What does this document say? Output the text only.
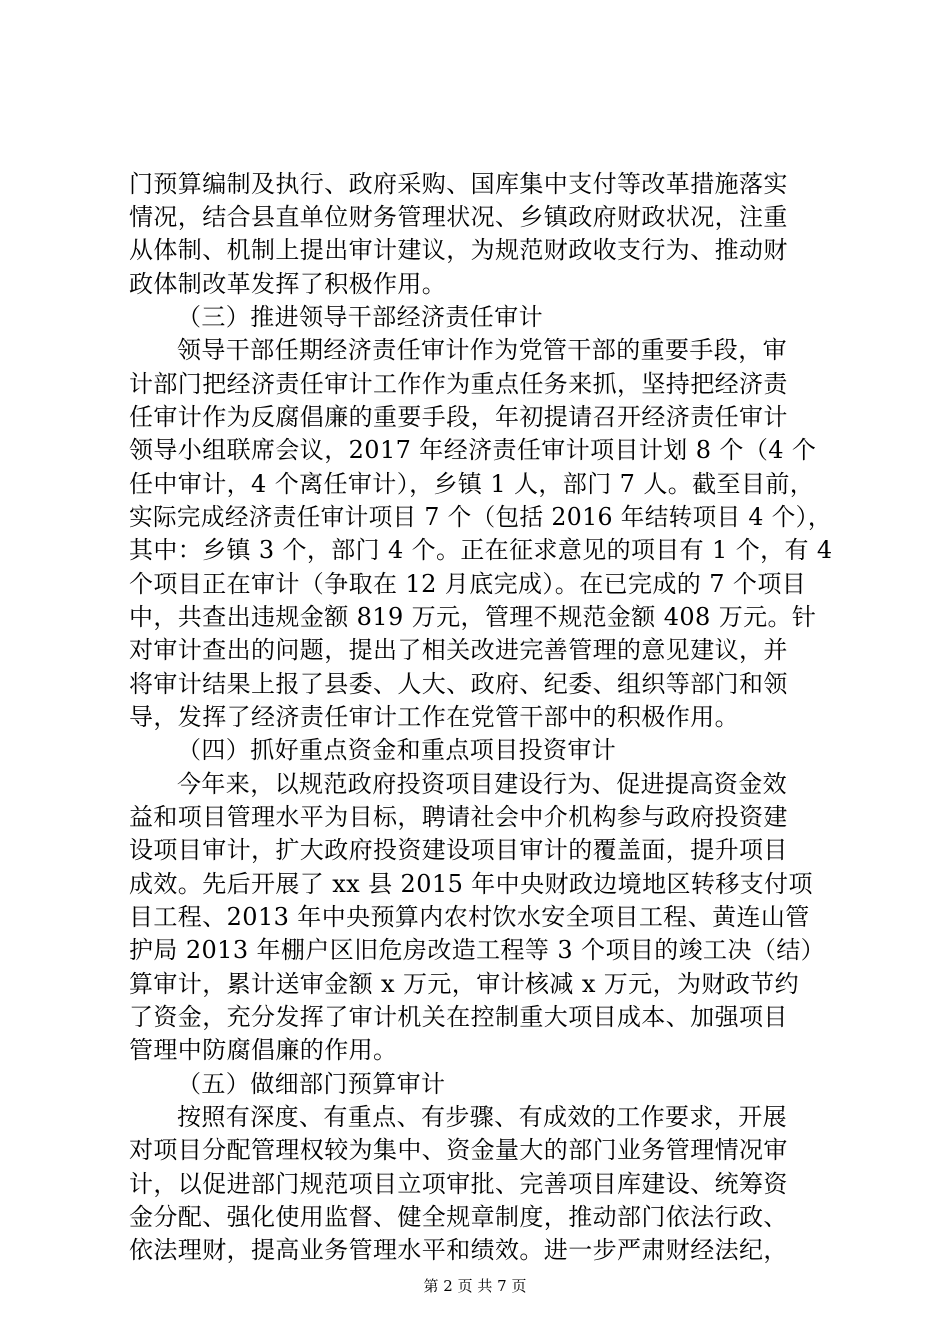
门预算编制及执行、政府采购、国库集中支付等改革措施落实
情况，结合县直单位财务管理状况、乡镇政府财政状况，注重
从体制、机制上提出审计建议，为规范财政收支行为、推动财
政体制改革发挥了积极作用。
（三）推进领导干部经济责任审计
领导干部任期经济责任审计作为党管干部的重要手段，审
计部门把经济责任审计工作作为重点任务来抓，坚持把经济责
任审计作为反腐倡廉的重要手段，年初提请召开经济责任审计
领导小组联席会议，2017 年经济责任审计项目计划 8 个（4 个
任中审计，4 个离任审计），乡镇 1 人，部门 7 人。截至目前，
实际完成经济责任审计项目 7 个（包括 2016 年结转项目 4 个），
其中：乡镇 3 个，部门 4 个。正在征求意见的项目有 1 个，有 4
个项目正在审计（争取在 12 月底完成）。在已完成的 7 个项目
中，共查出违规金额 819 万元，管理不规范金额 408 万元。针
对审计查出的问题，提出了相关改进完善管理的意见建议，并
将审计结果上报了县委、人大、政府、纪委、组织等部门和领
导，发挥了经济责任审计工作在党管干部中的积极作用。
（四）抓好重点资金和重点项目投资审计
今年来，以规范政府投资项目建设行为、促进提高资金效
益和项目管理水平为目标，聘请社会中介机构参与政府投资建
设项目审计，扩大政府投资建设项目审计的覆盖面，提升项目
成效。先后开展了 xx 县 2015 年中央财政边境地区转移支付项
目工程、2013 年中央预算内农村饮水安全项目工程、黄连山管
护局 2013 年棚户区旧危房改造工程等 3 个项目的竣工决（结）
算审计，累计送审金额 x 万元，审计核减 x 万元，为财政节约
了资金，充分发挥了审计机关在控制重大项目成本、加强项目
管理中防腐倡廉的作用。
（五）做细部门预算审计
按照有深度、有重点、有步骤、有成效的工作要求，开展
对项目分配管理权较为集中、资金量大的部门业务管理情况审
计，以促进部门规范项目立项审批、完善项目库建设、统筹资
金分配、强化使用监督、健全规章制度，推动部门依法行政、
依法理财，提高业务管理水平和绩效。进一步严肃财经法纪，
第 2 页 共 7 页
